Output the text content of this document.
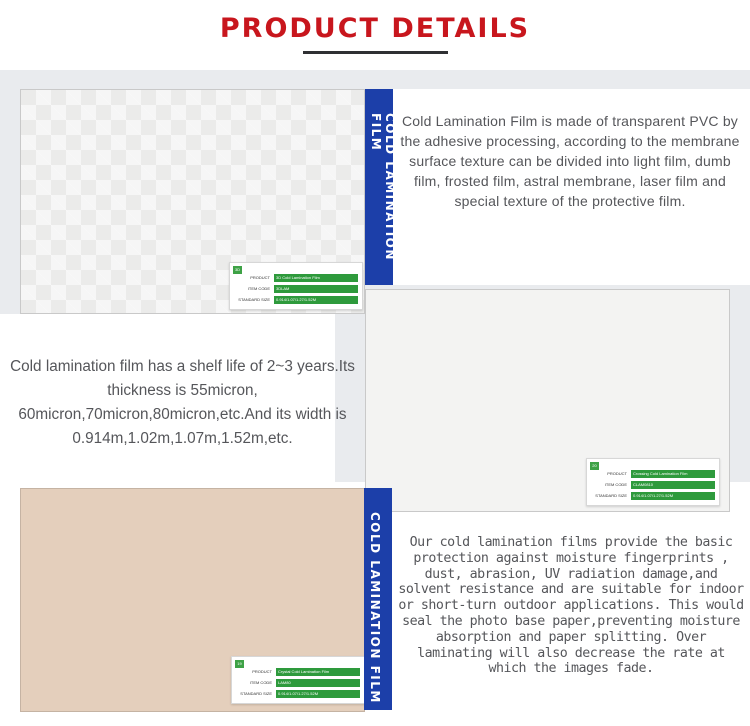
PRODUCT DETAILS
3D
PRODUCT	3D Cold Lamination Film
ITEM CODE	3DLAM
STANDARD SIZE	0.914/1.07/1.27/1.52M
COLD LAMINATION FILM	Cold Lamination Film is made of transparent PVC by the adhesive processing, according to the membrane surface texture can be divided into light film, dumb film, frosted film, astral membrane, laser film and special texture of the protective film.
Cold lamination film has a shelf life of 2~3 years.Its thickness is 55micron, 60micron,70micron,80micron,etc.And its width is 0.914m,1.02m,1.07m,1.52m,etc.
20
PRODUCT	Crossing Cold Lamination Film
ITEM CODE	CLAM0810
STANDARD SIZE	0.914/1.07/1.27/1.52M
19
PRODUCT	Crystal Cold Lamination Film
ITEM CODE	LAM80
STANDARD SIZE	0.914/1.07/1.27/1.52M	COLD LAMINATION FILM	Our cold lamination films provide the basic protection against moisture fingerprints , dust, abrasion, UV radiation damage,and solvent resistance and are suitable for indoor or short-turn outdoor applications. This would seal the photo base paper,preventing moisture absorption and paper splitting. Over laminating will also decrease the rate at which the images fade.
